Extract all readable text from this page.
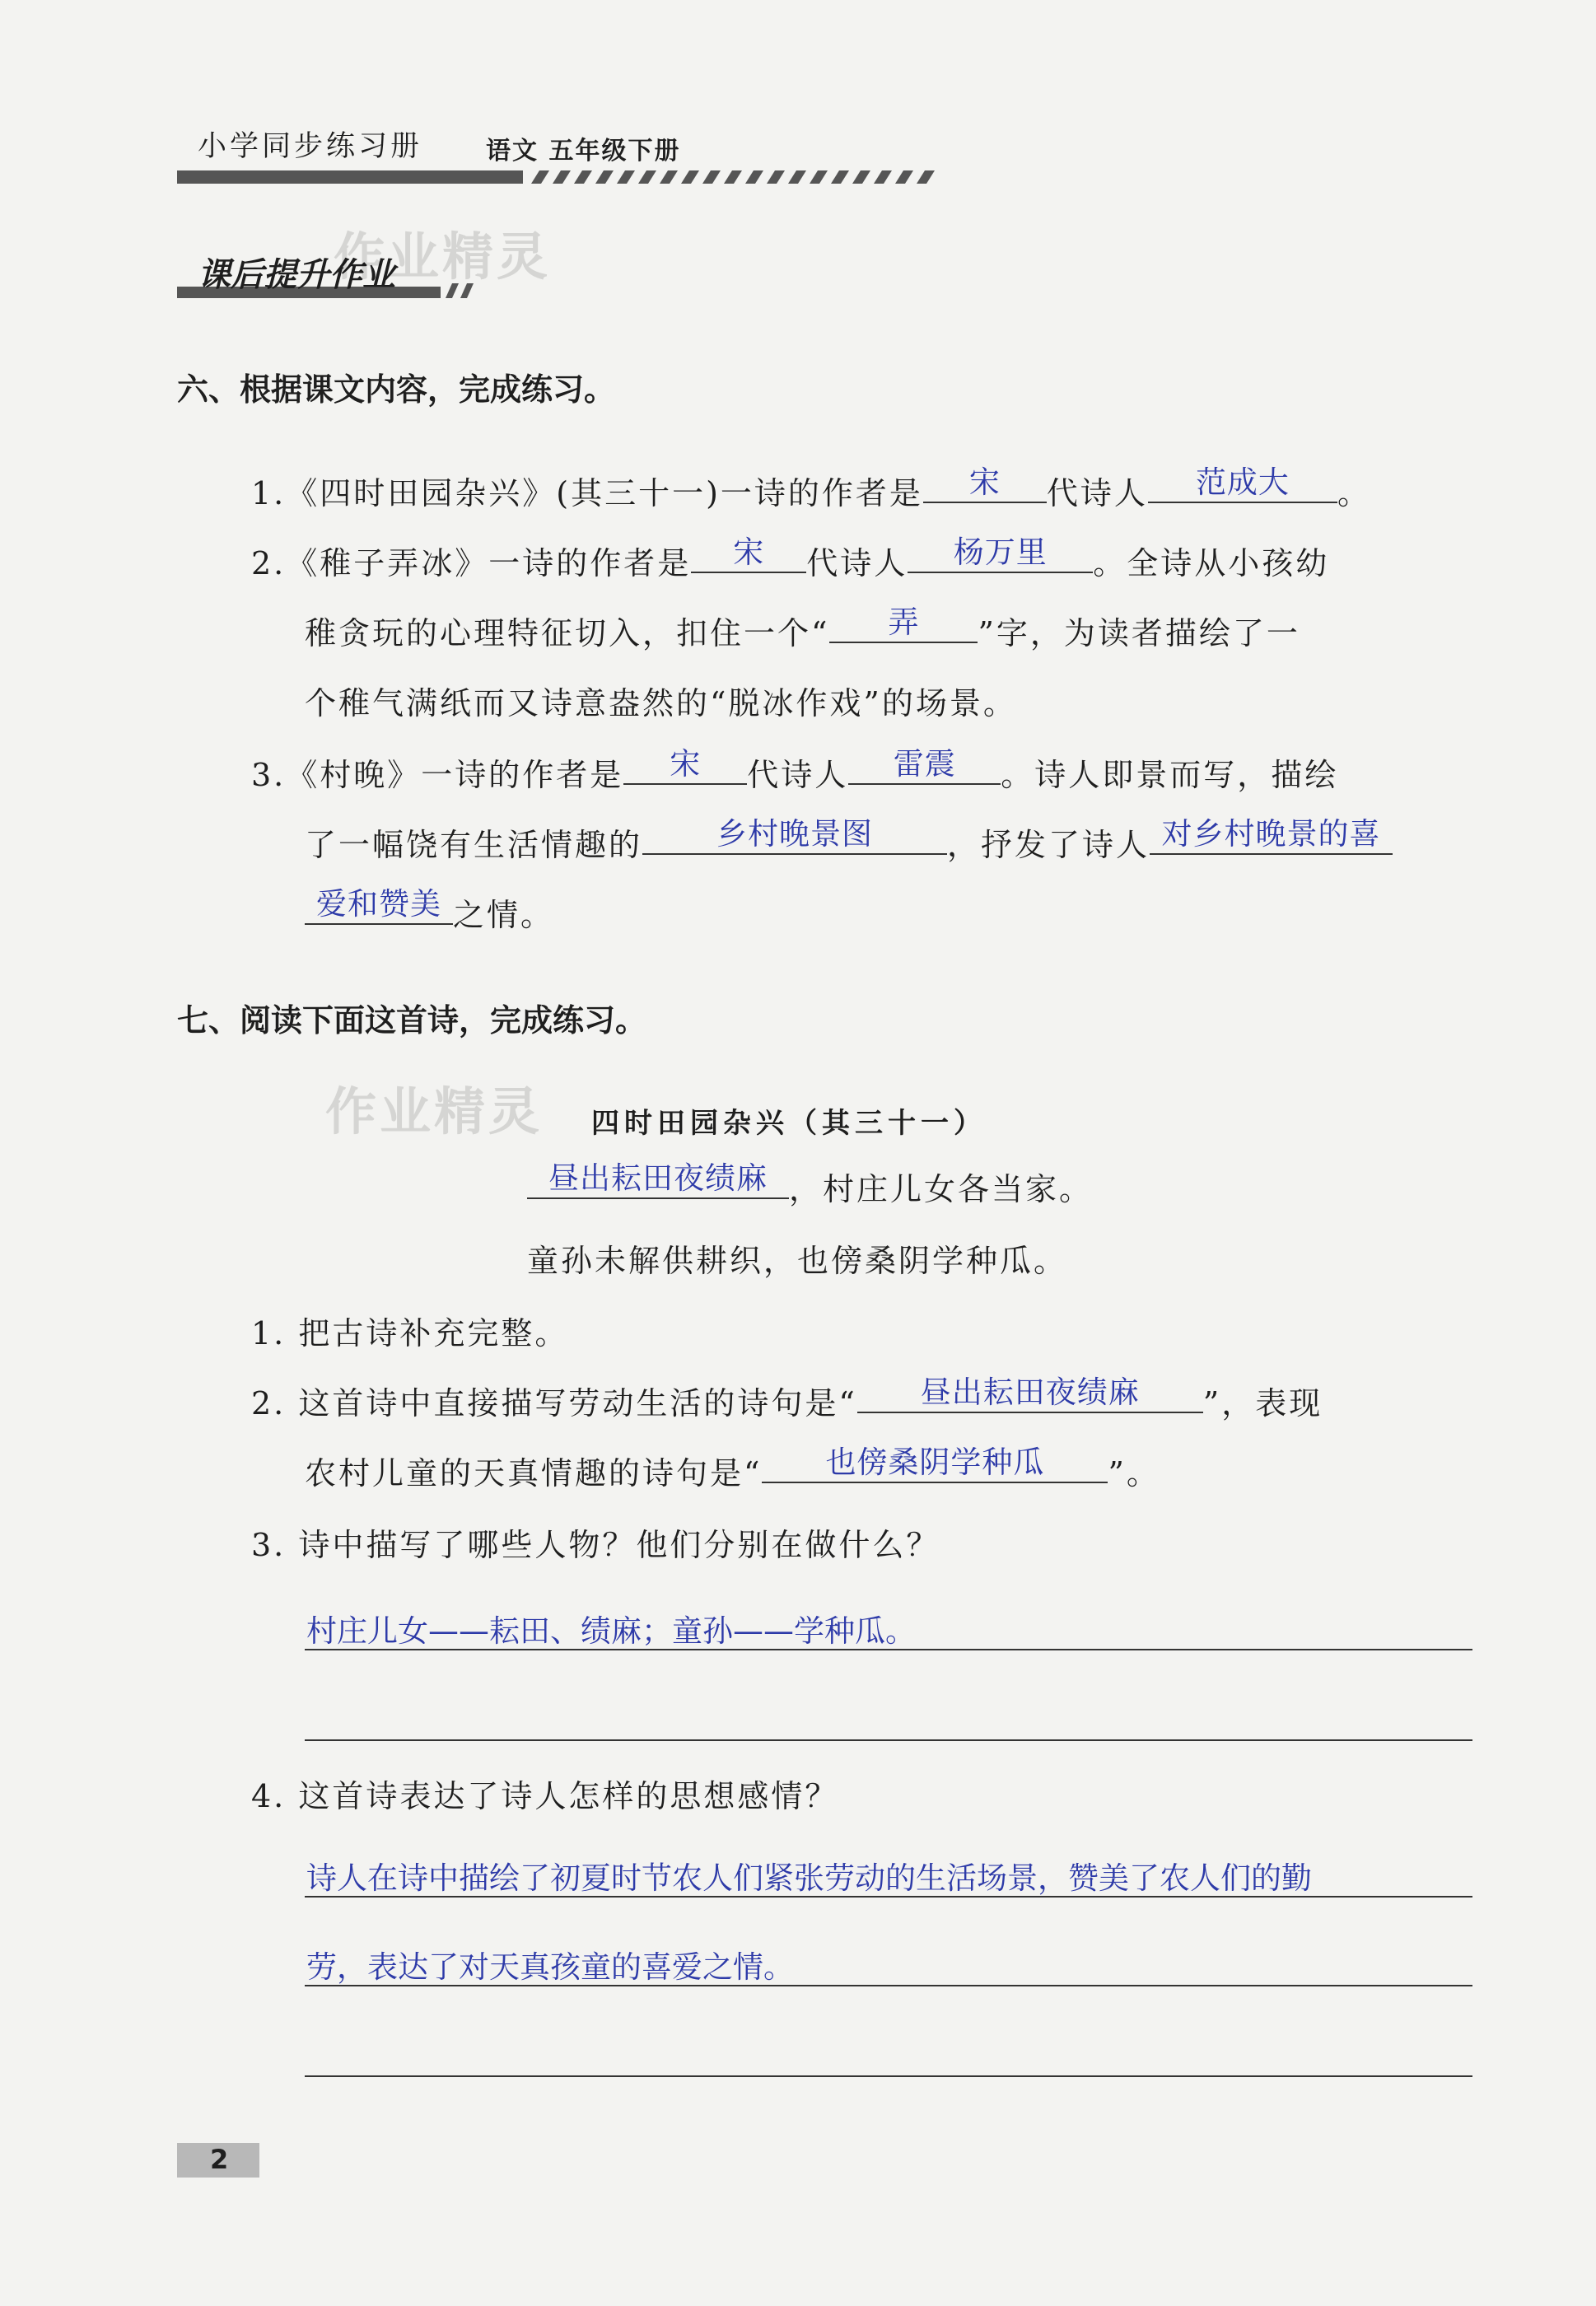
小学同步练习册	语文 五年级下册
课后提升作业
作业精灵
六、根据课文内容，完成练习。
1.《四时田园杂兴》(其三十一)一诗的作者是 宋 代诗人 范成大 。
2.《稚子弄冰》一诗的作者是 宋 代诗人 杨万里 。全诗从小孩幼
稚贪玩的心理特征切入，扣住一个“ 弄 ”字，为读者描绘了一
个稚气满纸而又诗意盎然的“脱冰作戏”的场景。
3.《村晚》一诗的作者是 宋 代诗人 雷震 。诗人即景而写，描绘
了一幅饶有生活情趣的 乡村晚景图 ，抒发了诗人 对乡村晚景的喜
爱和赞美 之情。
七、阅读下面这首诗，完成练习。
作业精灵 四时田园杂兴（其三十一）
昼出耘田夜绩麻 ，村庄儿女各当家。
童孙未解供耕织，也傍桑阴学种瓜。
1. 把古诗补充完整。
2. 这首诗中直接描写劳动生活的诗句是“ 昼出耘田夜绩麻 ”，表现
农村儿童的天真情趣的诗句是“ 也傍桑阴学种瓜 ”。
3. 诗中描写了哪些人物？他们分别在做什么？
村庄儿女——耘田、绩麻；童孙——学种瓜。
4. 这首诗表达了诗人怎样的思想感情？
诗人在诗中描绘了初夏时节农人们紧张劳动的生活场景，赞美了农人们的勤
劳，表达了对天真孩童的喜爱之情。
2
